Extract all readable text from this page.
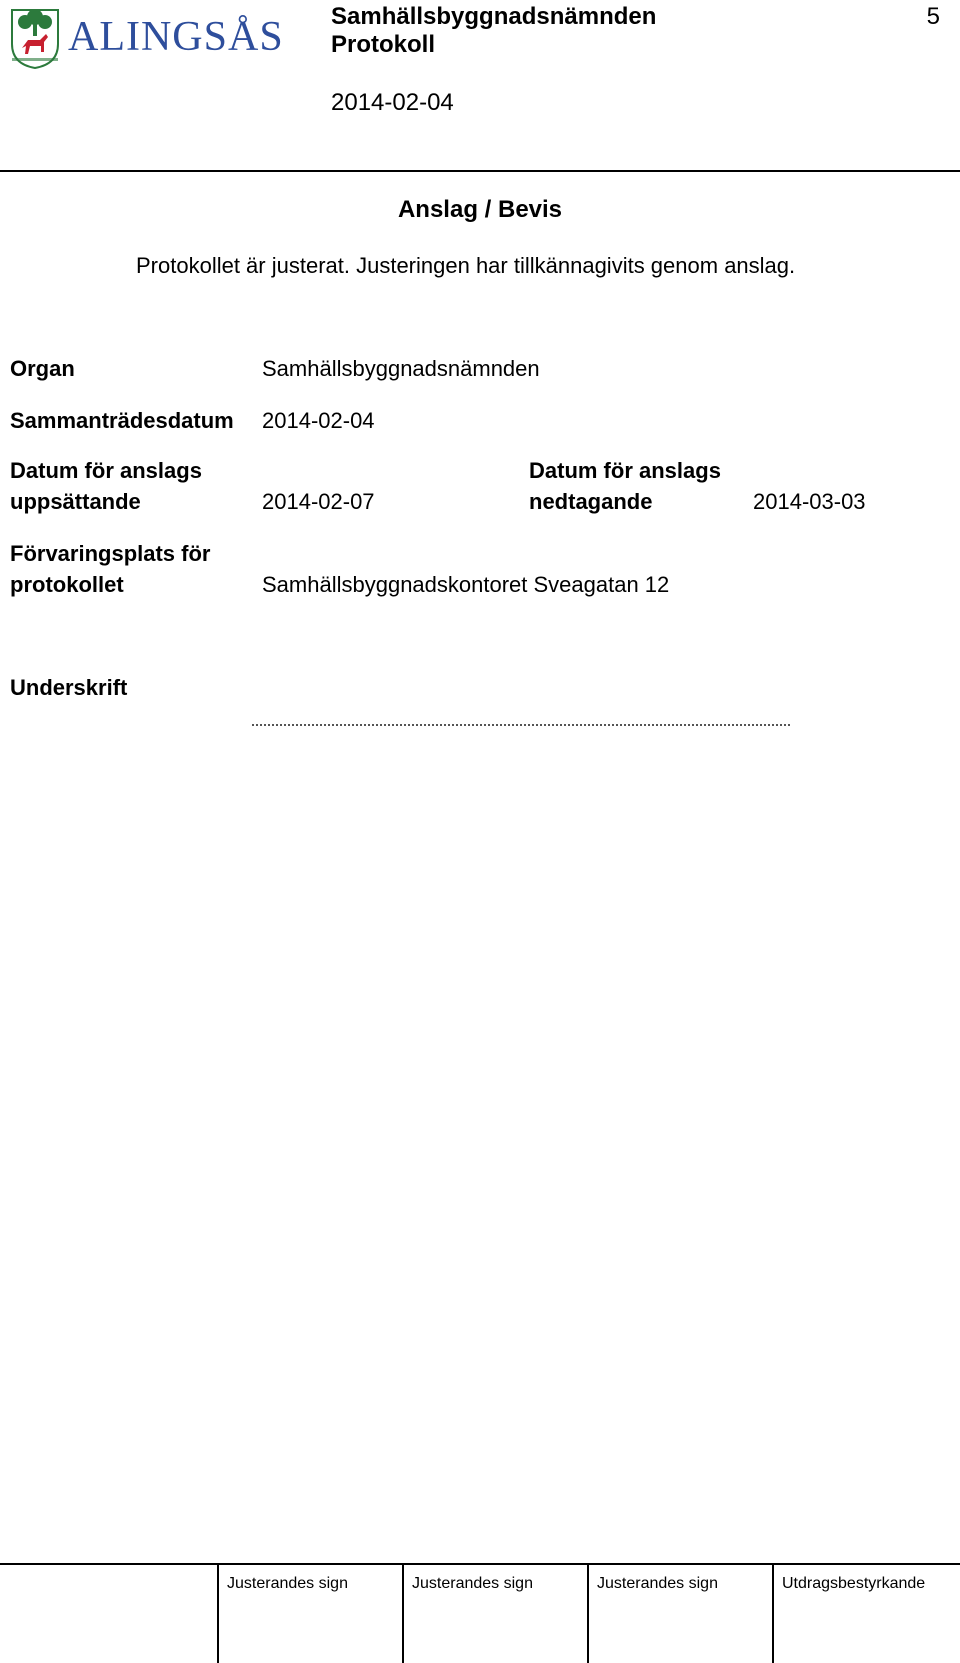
ALINGSÅS Samhällsbyggnadsnämnden
Protokoll
2014-02-04
5
Anslag / Bevis
Protokollet är justerat. Justeringen har tillkännagivits genom anslag.
Organ	Samhällsbyggnadsnämnden
Sammanträdesdatum 2014-02-04
Datum för anslags
uppsättande	2014-02-07
Datum för anslags
nedtagande	2014-03-03
Förvaringsplats för
protokollet	Samhällsbyggnadskontoret Sveagatan 12
Underskrift
Justerandes sign	Justerandes sign	Justerandes sign	Utdragsbestyrkande
